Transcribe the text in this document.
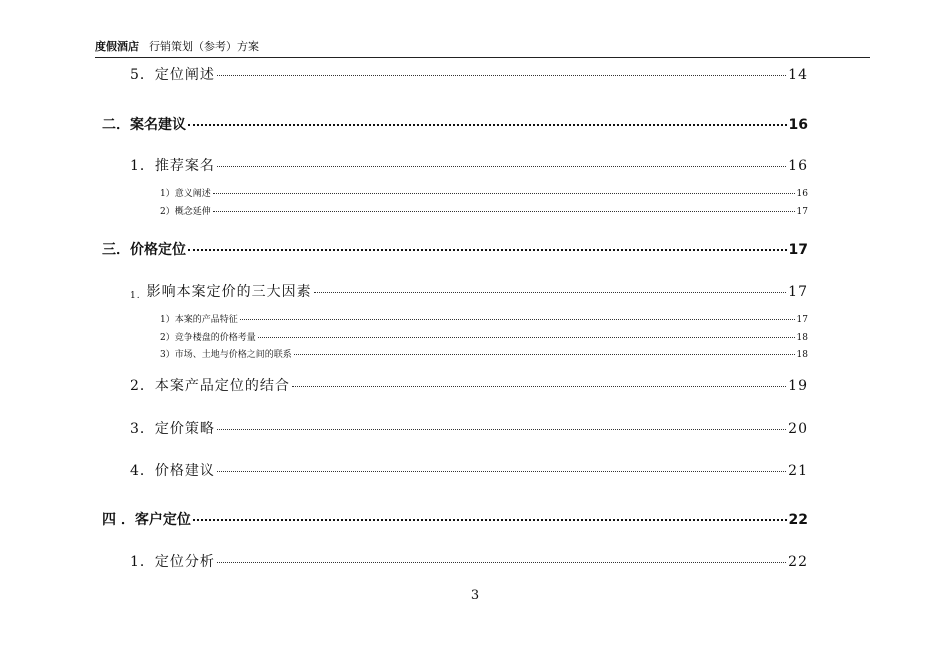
度假酒店 行销策划（参考）方案
5．定位阐述	14
二．案名建议	16
1．推荐案名	16
1）意义阐述	16
2）概念延伸	17
三．价格定位	17
1. 影响本案定价的三大因素	17
1）本案的产品特征	17
2）竞争楼盘的价格考量	18
3）市场、土地与价格之间的联系	18
2．本案产品定位的结合	19
3．定价策略	20
4．价格建议	21
四 ．客户定位	22
1．定位分析	22
3
